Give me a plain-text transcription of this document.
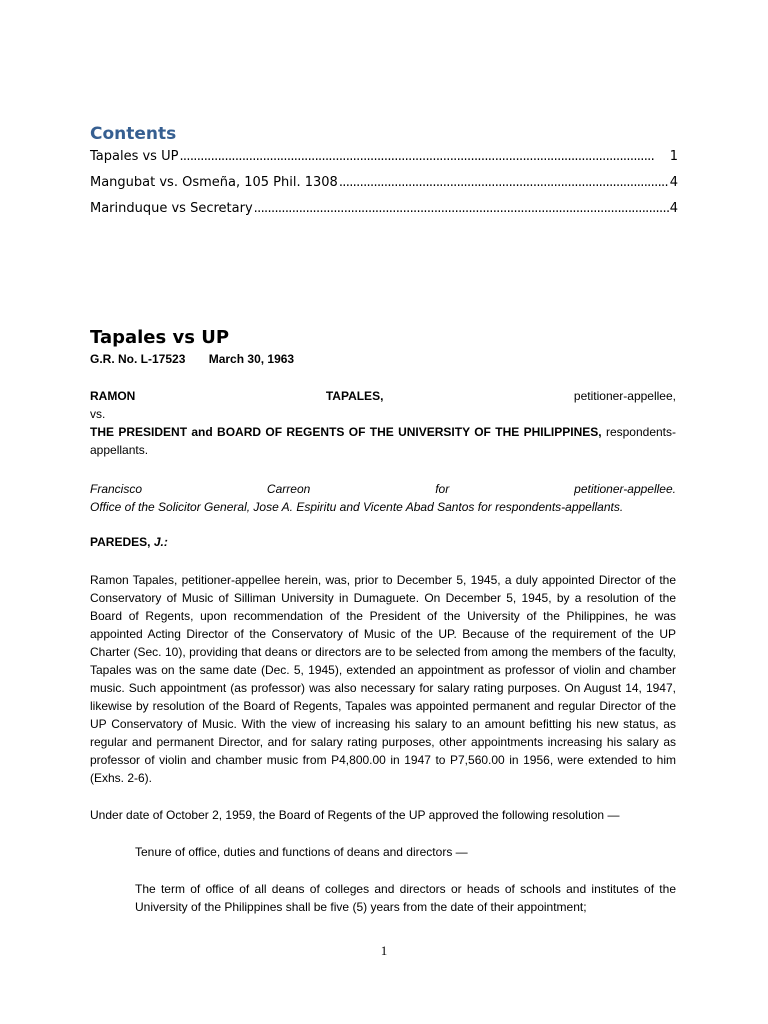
Contents
Tapales vs UP . . .	1
Mangubat vs. Osmeña, 105 Phil. 1308 . . .	4
Marinduque vs Secretary . . .	4
Tapales vs UP
G.R. No. L-17523 March 30, 1963
RAMON	TAPALES,	petitioner-appellee,
vs.
THE PRESIDENT and BOARD OF REGENTS OF THE UNIVERSITY OF THE PHILIPPINES, respondents-appellants.
Francisco Carreon for petitioner-appellee.
Office of the Solicitor General, Jose A. Espiritu and Vicente Abad Santos for respondents-appellants.
PAREDES, J.:

Ramon Tapales, petitioner-appellee herein, was, prior to December 5, 1945, a duly appointed Director of the Conservatory of Music of Silliman University in Dumaguete. On December 5, 1945, by a resolution of the Board of Regents, upon recommendation of the President of the University of the Philippines, he was appointed Acting Director of the Conservatory of Music of the UP. Because of the requirement of the UP Charter (Sec. 10), providing that deans or directors are to be selected from among the members of the faculty, Tapales was on the same date (Dec. 5, 1945), extended an appointment as professor of violin and chamber music. Such appointment (as professor) was also necessary for salary rating purposes. On August 14, 1947, likewise by resolution of the Board of Regents, Tapales was appointed permanent and regular Director of the UP Conservatory of Music. With the view of increasing his salary to an amount befitting his new status, as regular and permanent Director, and for salary rating purposes, other appointments increasing his salary as professor of violin and chamber music from P4,800.00 in 1947 to P7,560.00 in 1956, were extended to him (Exhs. 2-6).

Under date of October 2, 1959, the Board of Regents of the UP approved the following resolution —

Tenure of office, duties and functions of deans and directors —

The term of office of all deans of colleges and directors or heads of schools and institutes of the University of the Philippines shall be five (5) years from the date of their appointment;

1
